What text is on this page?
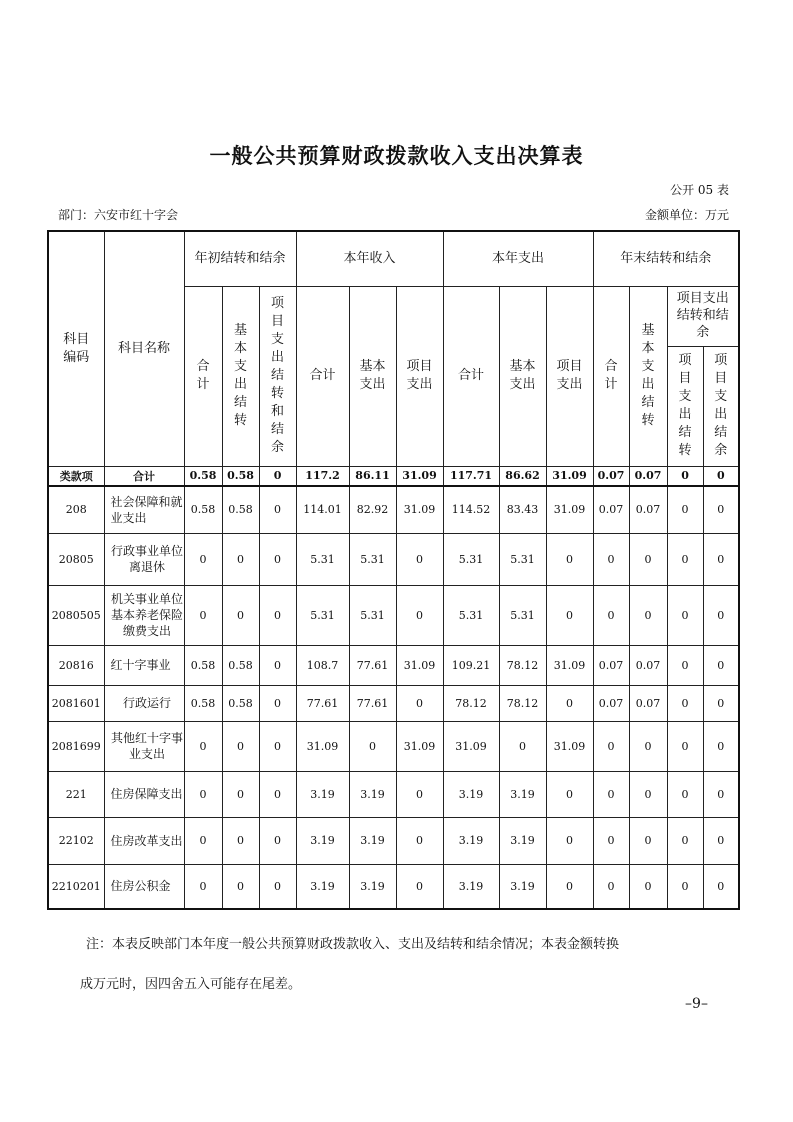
一般公共预算财政拨款收入支出决算表
公开 05 表
部门：六安市红十字会	金额单位：万元
科目编码	科目名称	年初结转和结余			本年收入			本年支出			年末结转和结余			
		合计	基本支出结转	项目支出结转和结余	合计	基本支出	项目支出	合计	基本支出	项目支出	合计	基本支出结转	项目支出结转和结余	
													项目支出结转	项目支出结余
类款项	合计	0.58	0.58	0	117.2	86.11	31.09	117.71	86.62	31.09	0.07	0.07	0	0
208	社会保障和就业支出	0.58	0.58	0	114.01	82.92	31.09	114.52	83.43	31.09	0.07	0.07	0	0
20805	行政事业单位离退休	0	0	0	5.31	5.31	0	5.31	5.31	0	0	0	0	0
2080505	机关事业单位基本养老保险缴费支出	0	0	0	5.31	5.31	0	5.31	5.31	0	0	0	0	0
20816	红十字事业	0.58	0.58	0	108.7	77.61	31.09	109.21	78.12	31.09	0.07	0.07	0	0
2081601	行政运行	0.58	0.58	0	77.61	77.61	0	78.12	78.12	0	0.07	0.07	0	0
2081699	其他红十字事业支出	0	0	0	31.09	0	31.09	31.09	0	31.09	0	0	0	0
221	住房保障支出	0	0	0	3.19	3.19	0	3.19	3.19	0	0	0	0	0
22102	住房改革支出	0	0	0	3.19	3.19	0	3.19	3.19	0	0	0	0	0
2210201	住房公积金	0	0	0	3.19	3.19	0	3.19	3.19	0	0	0	0	0
注：本表反映部门本年度一般公共预算财政拨款收入、支出及结转和结余情况；本表金额转换
成万元时，因四舍五入可能存在尾差。
–9–
